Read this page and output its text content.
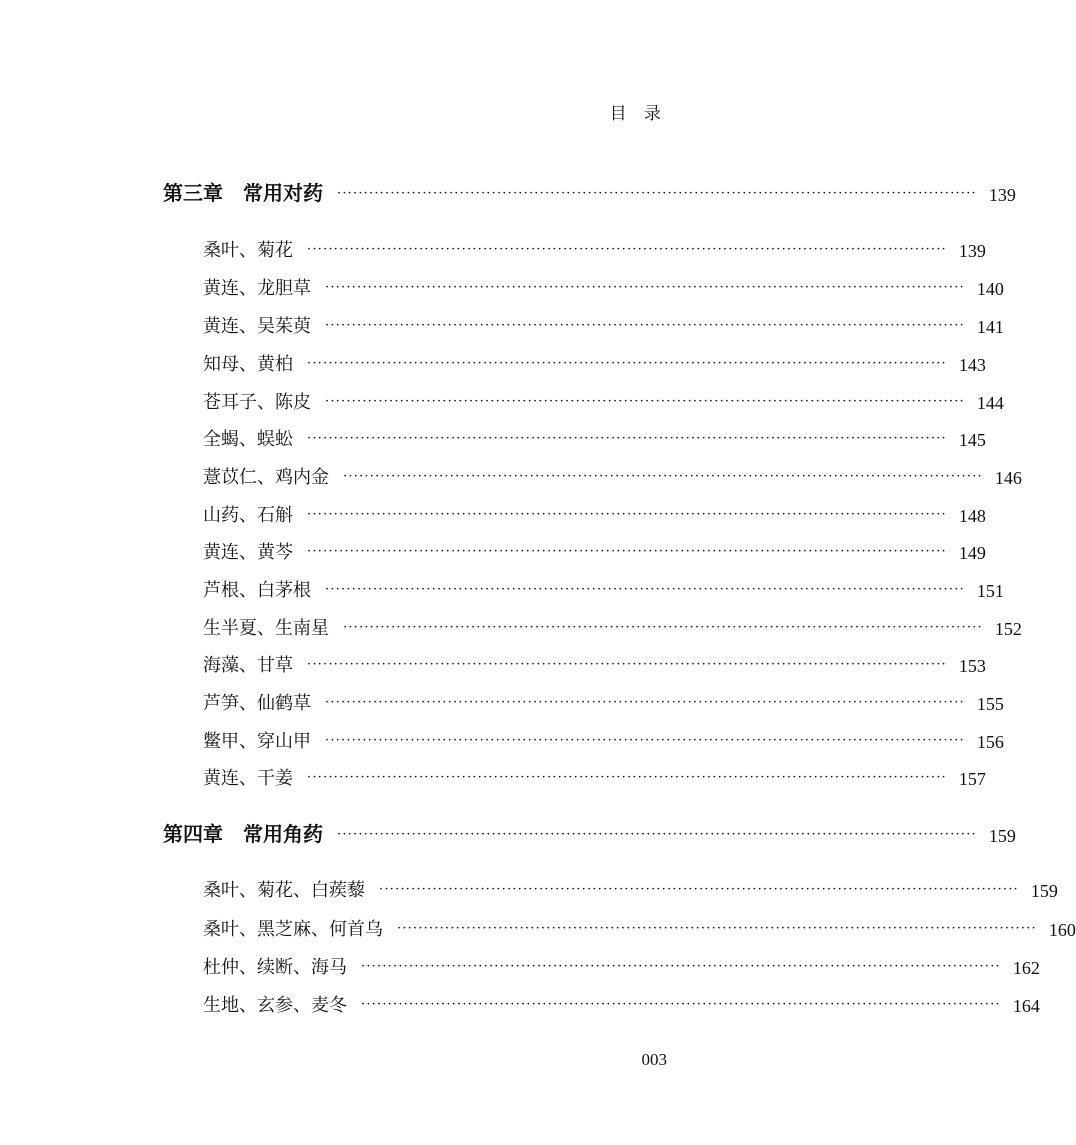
目 录
第三章　常用对药 ························································································································ 139
桑叶、菊花 ························································································································ 139
黄连、龙胆草 ························································································································ 140
黄连、吴茱萸 ························································································································ 141
知母、黄柏 ························································································································ 143
苍耳子、陈皮 ························································································································ 144
全蝎、蜈蚣 ························································································································ 145
薏苡仁、鸡内金 ························································································································ 146
山药、石斛 ························································································································ 148
黄连、黄芩 ························································································································ 149
芦根、白茅根 ························································································································ 151
生半夏、生南星 ························································································································ 152
海藻、甘草 ························································································································ 153
芦笋、仙鹤草 ························································································································ 155
鳖甲、穿山甲 ························································································································ 156
黄连、干姜 ························································································································ 157
第四章　常用角药 ························································································································ 159
桑叶、菊花、白蒺藜 ························································································································ 159
桑叶、黑芝麻、何首乌 ························································································································ 160
杜仲、续断、海马 ························································································································ 162
生地、玄参、麦冬 ························································································································ 164
003
